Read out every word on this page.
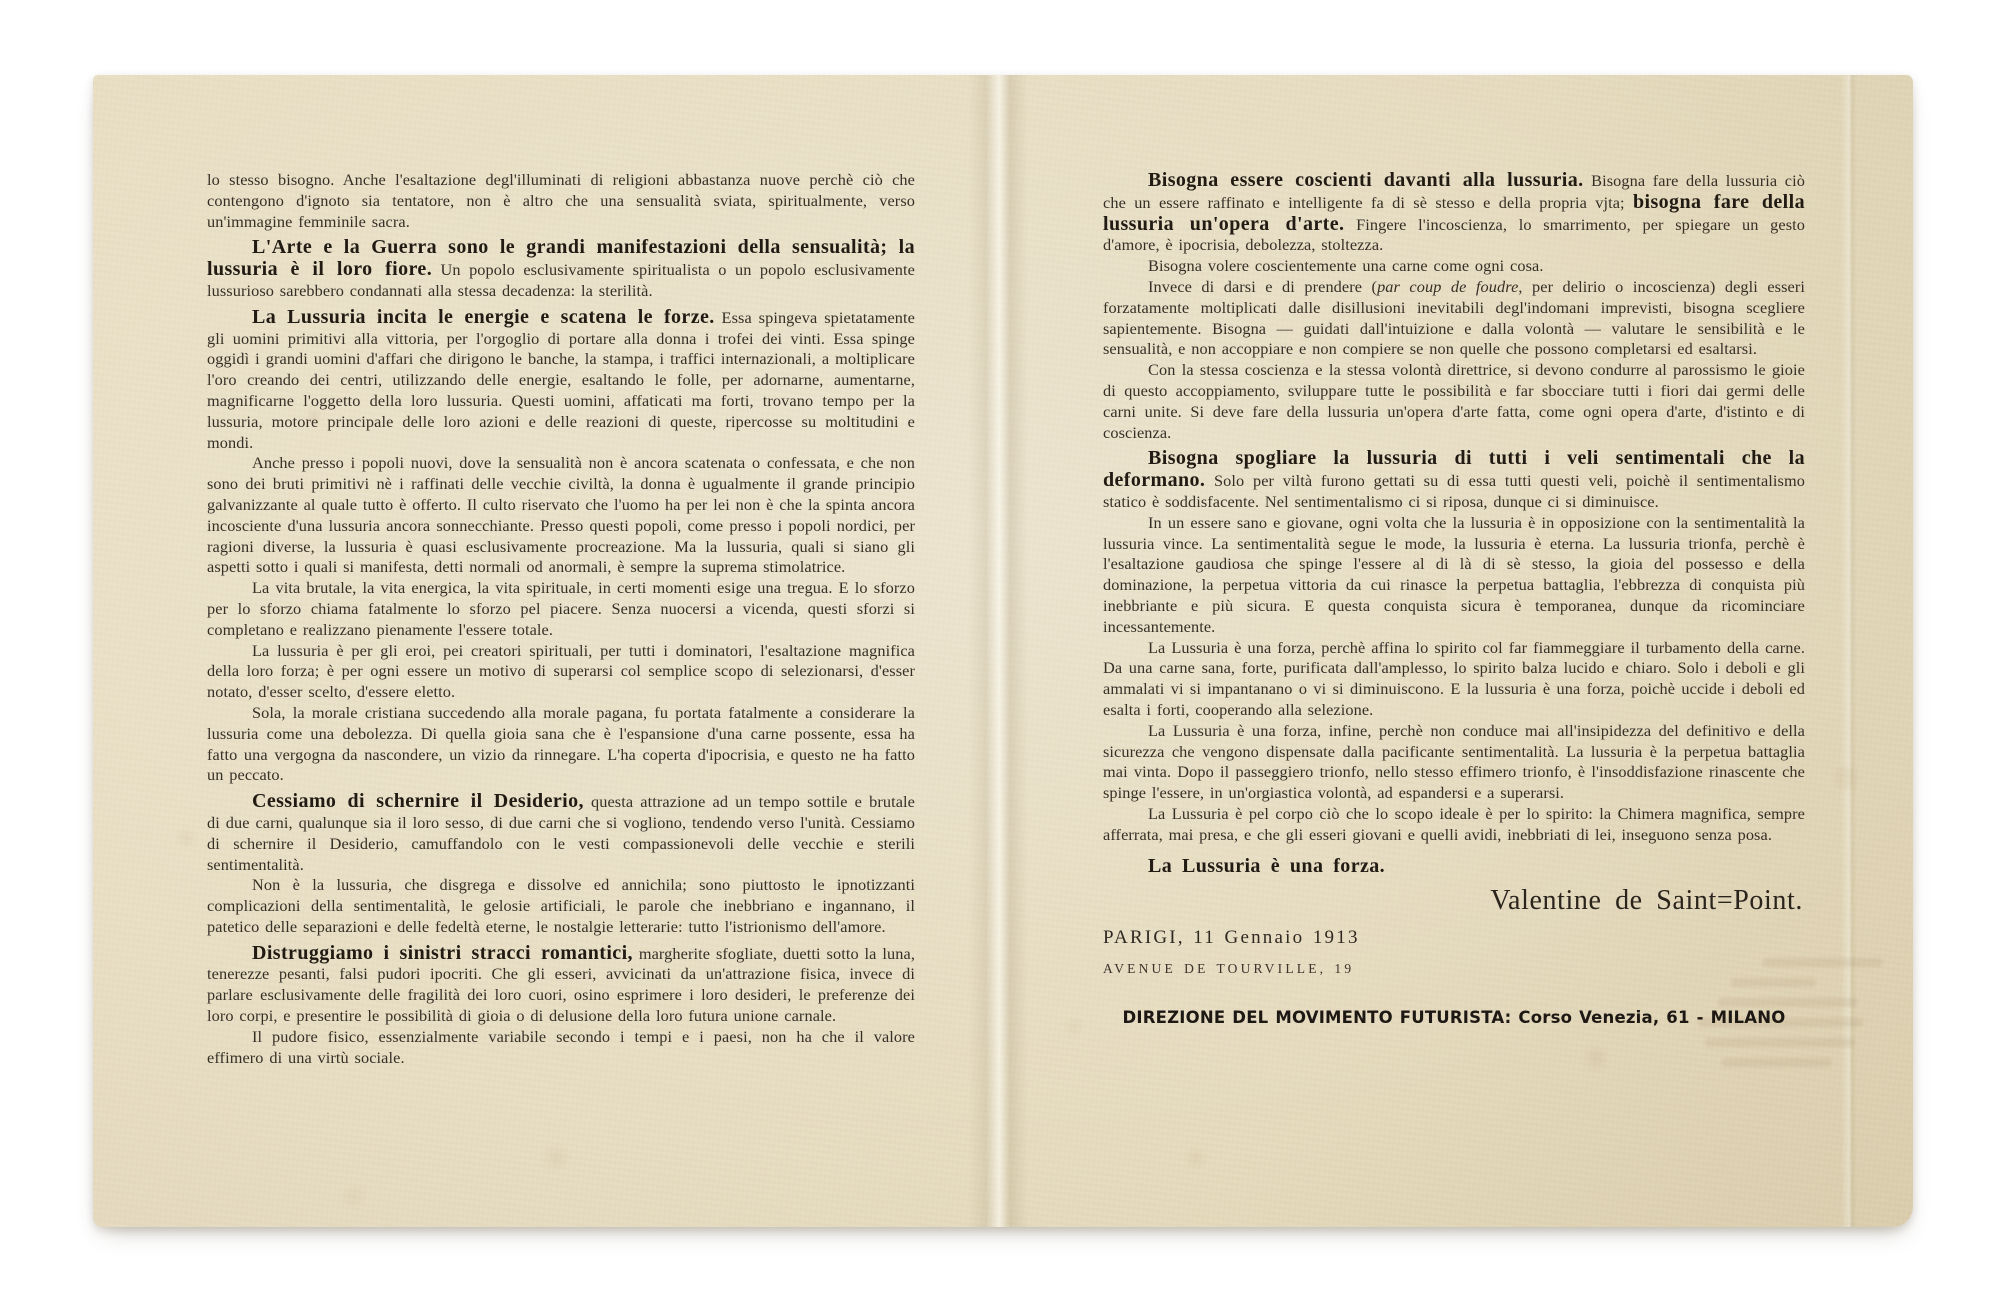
lo stesso bisogno. Anche l'esaltazione degl'illuminati di religioni abbastanza nuove perchè ciò che contengono d'ignoto sia tentatore, non è altro che una sensualità sviata, spiritualmente, verso un'immagine femminile sacra.

L'Arte e la Guerra sono le grandi manifestazioni della sensualità; la lussuria è il loro fiore. Un popolo esclusivamente spiritualista o un popolo esclusivamente lussurioso sarebbero condannati alla stessa decadenza: la sterilità.

La Lussuria incita le energie e scatena le forze. Essa spingeva spietatamente gli uomini primitivi alla vittoria, per l'orgoglio di portare alla donna i trofei dei vinti. Essa spinge oggidì i grandi uomini d'affari che dirigono le banche, la stampa, i traffici internazionali, a moltiplicare l'oro creando dei centri, utilizzando delle energie, esaltando le folle, per adornarne, aumentarne, magnificarne l'oggetto della loro lussuria. Questi uomini, affaticati ma forti, trovano tempo per la lussuria, motore principale delle loro azioni e delle reazioni di queste, ripercosse su moltitudini e mondi.

Anche presso i popoli nuovi, dove la sensualità non è ancora scatenata o confessata, e che non sono dei bruti primitivi nè i raffinati delle vecchie civiltà, la donna è ugualmente il grande principio galvanizzante al quale tutto è offerto. Il culto riservato che l'uomo ha per lei non è che la spinta ancora incosciente d'una lussuria ancora sonnecchiante. Presso questi popoli, come presso i popoli nordici, per ragioni diverse, la lussuria è quasi esclusivamente procreazione. Ma la lussuria, quali si siano gli aspetti sotto i quali si manifesta, detti normali od anormali, è sempre la suprema stimolatrice.

La vita brutale, la vita energica, la vita spirituale, in certi momenti esige una tregua. E lo sforzo per lo sforzo chiama fatalmente lo sforzo pel piacere. Senza nuocersi a vicenda, questi sforzi si completano e realizzano pienamente l'essere totale.

La lussuria è per gli eroi, pei creatori spirituali, per tutti i dominatori, l'esaltazione magnifica della loro forza; è per ogni essere un motivo di superarsi col semplice scopo di selezionarsi, d'esser notato, d'esser scelto, d'essere eletto.

Sola, la morale cristiana succedendo alla morale pagana, fu portata fatalmente a considerare la lussuria come una debolezza. Di quella gioia sana che è l'espansione d'una carne possente, essa ha fatto una vergogna da nascondere, un vizio da rinnegare. L'ha coperta d'ipocrisia, e questo ne ha fatto un peccato.

Cessiamo di schernire il Desiderio, questa attrazione ad un tempo sottile e brutale di due carni, qualunque sia il loro sesso, di due carni che si vogliono, tendendo verso l'unità. Cessiamo di schernire il Desiderio, camuffandolo con le vesti compassionevoli delle vecchie e sterili sentimentalità.

Non è la lussuria, che disgrega e dissolve ed annichila; sono piuttosto le ipnotizzanti complicazioni della sentimentalità, le gelosie artificiali, le parole che inebbriano e ingannano, il patetico delle separazioni e delle fedeltà eterne, le nostalgie letterarie: tutto l'istrionismo dell'amore.

Distruggiamo i sinistri stracci romantici, margherite sfogliate, duetti sotto la luna, tenerezze pesanti, falsi pudori ipocriti. Che gli esseri, avvicinati da un'attrazione fisica, invece di parlare esclusivamente delle fragilità dei loro cuori, osino esprimere i loro desideri, le preferenze dei loro corpi, e presentire le possibilità di gioia o di delusione della loro futura unione carnale.

Il pudore fisico, essenzialmente variabile secondo i tempi e i paesi, non ha che il valore effimero di una virtù sociale.

Bisogna essere coscienti davanti alla lussuria. Bisogna fare della lussuria ciò che un essere raffinato e intelligente fa di sè stesso e della propria vjta; bisogna fare della lussuria un'opera d'arte. Fingere l'incoscienza, lo smarrimento, per spiegare un gesto d'amore, è ipocrisia, debolezza, stoltezza.

Bisogna volere coscientemente una carne come ogni cosa.

Invece di darsi e di prendere (par coup de foudre, per delirio o incoscienza) degli esseri forzatamente moltiplicati dalle disillusioni inevitabili degl'indomani imprevisti, bisogna scegliere sapientemente. Bisogna — guidati dall'intuizione e dalla volontà — valutare le sensibilità e le sensualità, e non accoppiare e non compiere se non quelle che possono completarsi ed esaltarsi.

Con la stessa coscienza e la stessa volontà direttrice, si devono condurre al parossismo le gioie di questo accoppiamento, sviluppare tutte le possibilità e far sbocciare tutti i fiori dai germi delle carni unite. Si deve fare della lussuria un'opera d'arte fatta, come ogni opera d'arte, d'istinto e di coscienza.

Bisogna spogliare la lussuria di tutti i veli sentimentali che la deformano. Solo per viltà furono gettati su di essa tutti questi veli, poichè il sentimentalismo statico è soddisfacente. Nel sentimentalismo ci si riposa, dunque ci si diminuisce.

In un essere sano e giovane, ogni volta che la lussuria è in opposizione con la sentimentalità la lussuria vince. La sentimentalità segue le mode, la lussuria è eterna. La lussuria trionfa, perchè è l'esaltazione gaudiosa che spinge l'essere al di là di sè stesso, la gioia del possesso e della dominazione, la perpetua vittoria da cui rinasce la perpetua battaglia, l'ebbrezza di conquista più inebbriante e più sicura. E questa conquista sicura è temporanea, dunque da ricominciare incessantemente.

La Lussuria è una forza, perchè affina lo spirito col far fiammeggiare il turbamento della carne. Da una carne sana, forte, purificata dall'amplesso, lo spirito balza lucido e chiaro. Solo i deboli e gli ammalati vi si impantanano o vi si diminuiscono. E la lussuria è una forza, poichè uccide i deboli ed esalta i forti, cooperando alla selezione.

La Lussuria è una forza, infine, perchè non conduce mai all'insipidezza del definitivo e della sicurezza che vengono dispensate dalla pacificante sentimentalità. La lussuria è la perpetua battaglia mai vinta. Dopo il passeggiero trionfo, nello stesso effimero trionfo, è l'insoddisfazione rinascente che spinge l'essere, in un'orgiastica volontà, ad espandersi e a superarsi.

La Lussuria è pel corpo ciò che lo scopo ideale è per lo spirito: la Chimera magnifica, sempre afferrata, mai presa, e che gli esseri giovani e quelli avidi, inebbriati di lei, inseguono senza posa.

La Lussuria è una forza.

Valentine de Saint=Point.

PARIGI, 11 Gennaio 1913

AVENUE DE TOURVILLE, 19

DIREZIONE DEL MOVIMENTO FUTURISTA: Corso Venezia, 61 - MILANO
